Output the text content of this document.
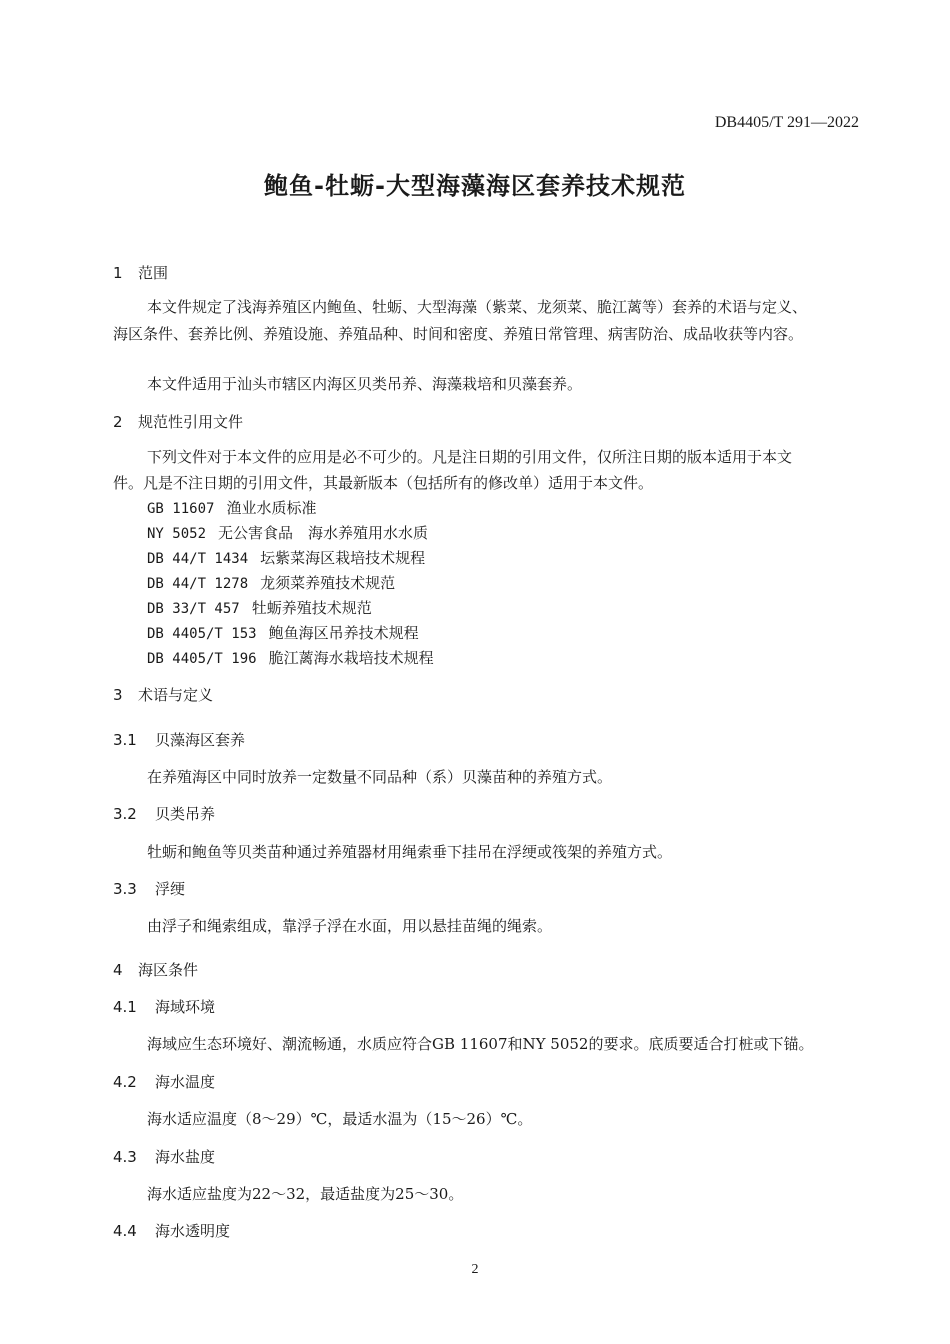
DB4405/T 291—2022
鲍鱼-牡蛎-大型海藻海区套养技术规范
1 范围
本文件规定了浅海养殖区内鲍鱼、牡蛎、大型海藻（紫菜、龙须菜、脆江蓠等）套养的术语与定义、
海区条件、套养比例、养殖设施、养殖品种、时间和密度、养殖日常管理、病害防治、成品收获等内容。
本文件适用于汕头市辖区内海区贝类吊养、海藻栽培和贝藻套养。
2 规范性引用文件
下列文件对于本文件的应用是必不可少的。凡是注日期的引用文件，仅所注日期的版本适用于本文
件。凡是不注日期的引用文件，其最新版本（包括所有的修改单）适用于本文件。
GB 11607 渔业水质标准
NY 5052 无公害食品　海水养殖用水水质
DB 44/T 1434 坛紫菜海区栽培技术规程
DB 44/T 1278 龙须菜养殖技术规范
DB 33/T 457 牡蛎养殖技术规范
DB 4405/T 153 鲍鱼海区吊养技术规程
DB 4405/T 196 脆江蓠海水栽培技术规程
3 术语与定义
3.1 贝藻海区套养
在养殖海区中同时放养一定数量不同品种（系）贝藻苗种的养殖方式。
3.2 贝类吊养
牡蛎和鲍鱼等贝类苗种通过养殖器材用绳索垂下挂吊在浮绠或筏架的养殖方式。
3.3 浮绠
由浮子和绳索组成，靠浮子浮在水面，用以悬挂苗绳的绳索。
4 海区条件
4.1 海域环境
海域应生态环境好、潮流畅通，水质应符合GB 11607和NY 5052的要求。底质要适合打桩或下锚。
4.2 海水温度
海水适应温度（8～29）℃，最适水温为（15～26）℃。
4.3 海水盐度
海水适应盐度为22～32，最适盐度为25～30。
4.4 海水透明度
2
